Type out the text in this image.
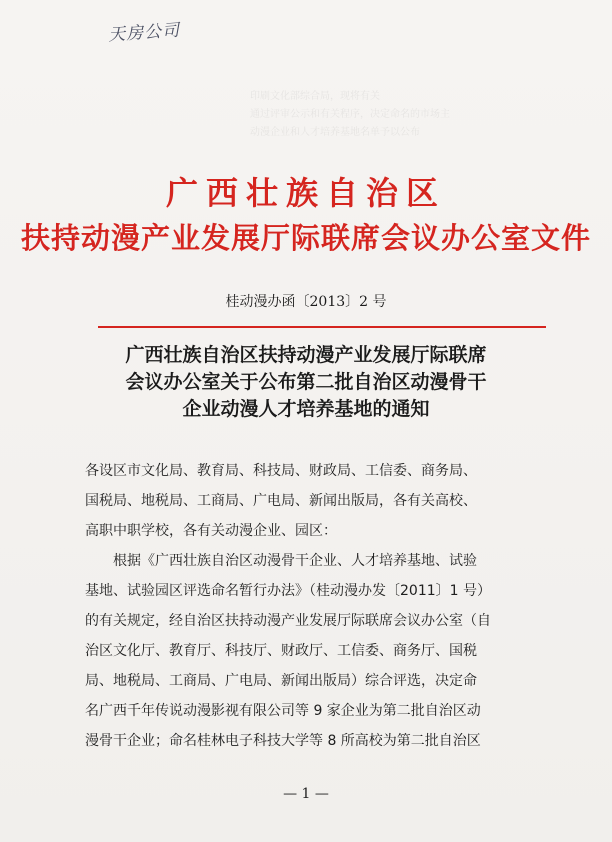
天房公司
印刷文化部综合局，现将有关
通过评审公示和有关程序，决定命名的市场主
动漫企业和人才培养基地名单予以公布
广西壮族自治区
扶持动漫产业发展厅际联席会议办公室文件
桂动漫办函〔2013〕2 号
广西壮族自治区扶持动漫产业发展厅际联席
会议办公室关于公布第二批自治区动漫骨干
企业动漫人才培养基地的通知
各设区市文化局、教育局、科技局、财政局、工信委、商务局、
国税局、地税局、工商局、广电局、新闻出版局，各有关高校、
高职中职学校，各有关动漫企业、园区：
　　根据《广西壮族自治区动漫骨干企业、人才培养基地、试验
基地、试验园区评选命名暂行办法》（桂动漫办发〔2011〕1 号）
的有关规定，经自治区扶持动漫产业发展厅际联席会议办公室（自
治区文化厅、教育厅、科技厅、财政厅、工信委、商务厅、国税
局、地税局、工商局、广电局、新闻出版局）综合评选，决定命
名广西千年传说动漫影视有限公司等 9 家企业为第二批自治区动
漫骨干企业；命名桂林电子科技大学等 8 所高校为第二批自治区
— 1 —
